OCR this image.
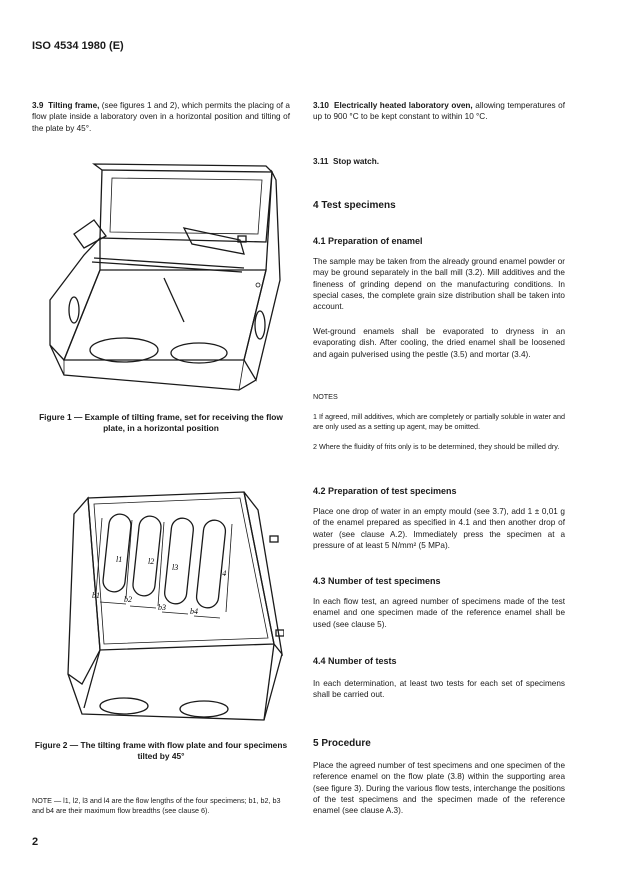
ISO 4534 1980 (E)

3.9 Tilting frame, (see figures 1 and 2), which permits the placing of a flow plate inside a laboratory oven in a horizontal position and tilting of the plate by 45°.

Figure 1 — Example of tilting frame, set for receiving the flow plate, in a horizontal position
l1	l2
l3
l4
b1	b2
b3	b4
Figure 2 — The tilting frame with flow plate and four specimens tilted by 45°
NOTE — l1, l2, l3 and l4 are the flow lengths of the four specimens; b1, b2, b3 and b4 are their maximum flow breadths (see clause 6).

3.10 Electrically heated laboratory oven, allowing temperatures of up to 900 °C to be kept constant to within 10 °C.

3.11 Stop watch.

4 Test specimens
4.1 Preparation of enamel

The sample may be taken from the already ground enamel powder or may be ground separately in the ball mill (3.2). Mill additives and the fineness of grinding depend on the manufacturing conditions. In special cases, the complete grain size distribution shall be taken into account.

Wet-ground enamels shall be evaporated to dryness in an evaporating dish. After cooling, the dried enamel shall be loosened and again pulverised using the pestle (3.5) and mortar (3.4).

NOTES

1 If agreed, mill additives, which are completely or partially soluble in water and are only used as a setting up agent, may be omitted.

2 Where the fluidity of frits only is to be determined, they should be milled dry.

4.2 Preparation of test specimens

Place one drop of water in an empty mould (see 3.7), add 1 ± 0,01 g of the enamel prepared as specified in 4.1 and then another drop of water (see clause A.2). Immediately press the specimen at a pressure of at least 5 N/mm² (5 MPa).

4.3 Number of test specimens

In each flow test, an agreed number of specimens made of the test enamel and one specimen made of the reference enamel shall be used (see clause 5).

4.4 Number of tests

In each determination, at least two tests for each set of specimens shall be carried out.

5 Procedure

Place the agreed number of test specimens and one specimen of the reference enamel on the flow plate (3.8) within the supporting area (see figure 3). During the various flow tests, interchange the positions of the test specimens and the specimen made of the reference enamel (see clause A.3).

2
